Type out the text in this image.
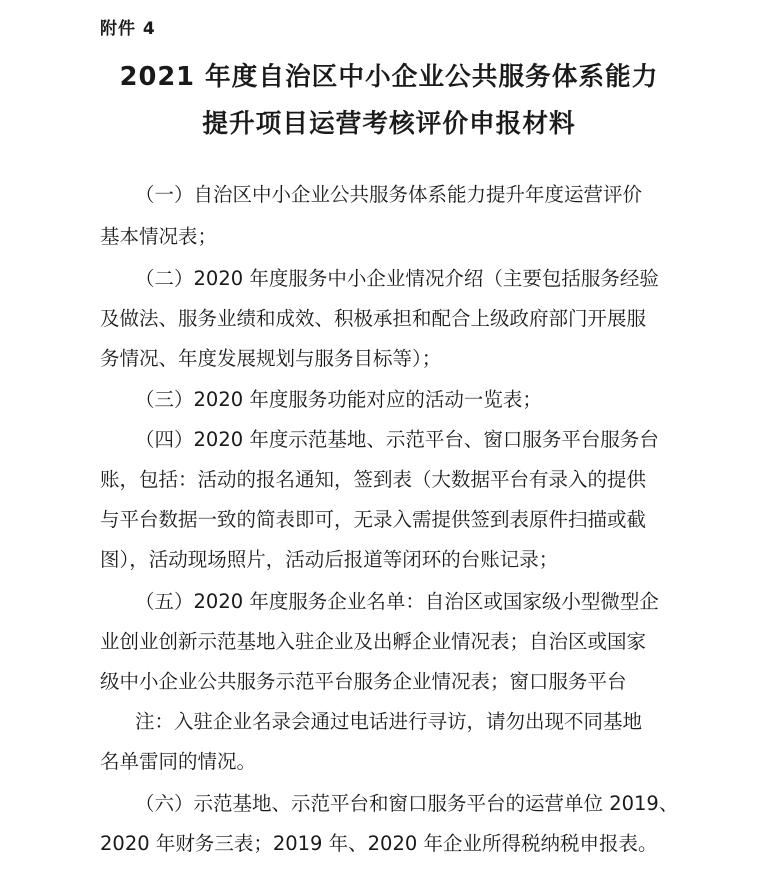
附件 4
2021 年度自治区中小企业公共服务体系能力
提升项目运营考核评价申报材料
（一）自治区中小企业公共服务体系能力提升年度运营评价
基本情况表；
（二）2020 年度服务中小企业情况介绍（主要包括服务经验
及做法、服务业绩和成效、积极承担和配合上级政府部门开展服
务情况、年度发展规划与服务目标等）；
（三）2020 年度服务功能对应的活动一览表；
（四）2020 年度示范基地、示范平台、窗口服务平台服务台
账，包括：活动的报名通知，签到表（大数据平台有录入的提供
与平台数据一致的简表即可，无录入需提供签到表原件扫描或截
图），活动现场照片，活动后报道等闭环的台账记录；
（五）2020 年度服务企业名单：自治区或国家级小型微型企
业创业创新示范基地入驻企业及出孵企业情况表；自治区或国家
级中小企业公共服务示范平台服务企业情况表；窗口服务平台
注：入驻企业名录会通过电话进行寻访，请勿出现不同基地
名单雷同的情况。
（六）示范基地、示范平台和窗口服务平台的运营单位 2019、
2020 年财务三表；2019 年、2020 年企业所得税纳税申报表。
